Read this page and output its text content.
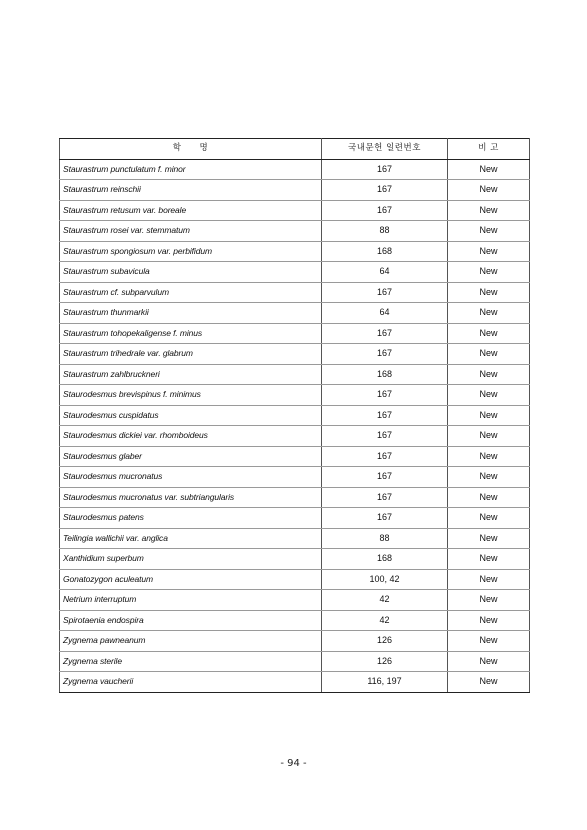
학 명	국내문헌 일련번호	비 고
Staurastrum punctulatum f. minor	167	New
Staurastrum reinschii	167	New
Staurastrum retusum var. boreale	167	New
Staurastrum rosei var. stemmatum	88	New
Staurastrum spongiosum var. perbifidum	168	New
Staurastrum subavicula	64	New
Staurastrum cf. subparvulum	167	New
Staurastrum thunmarkii	64	New
Staurastrum tohopekaligense f. minus	167	New
Staurastrum trihedrale var. glabrum	167	New
Staurastrum zahlbruckneri	168	New
Staurodesmus brevispinus f. minimus	167	New
Staurodesmus cuspidatus	167	New
Staurodesmus dickiei var. rhomboideus	167	New
Staurodesmus glaber	167	New
Staurodesmus mucronatus	167	New
Staurodesmus mucronatus var. subtriangularis	167	New
Staurodesmus patens	167	New
Teilingia wallichii var. anglica	88	New
Xanthidium superbum	168	New
Gonatozygon aculeatum	100, 42	New
Netrium interruptum	42	New
Spirotaenia endospira	42	New
Zygnema pawneanum	126	New
Zygnema sterile	126	New
Zygnema vaucherii	116, 197	New
- 94 -
